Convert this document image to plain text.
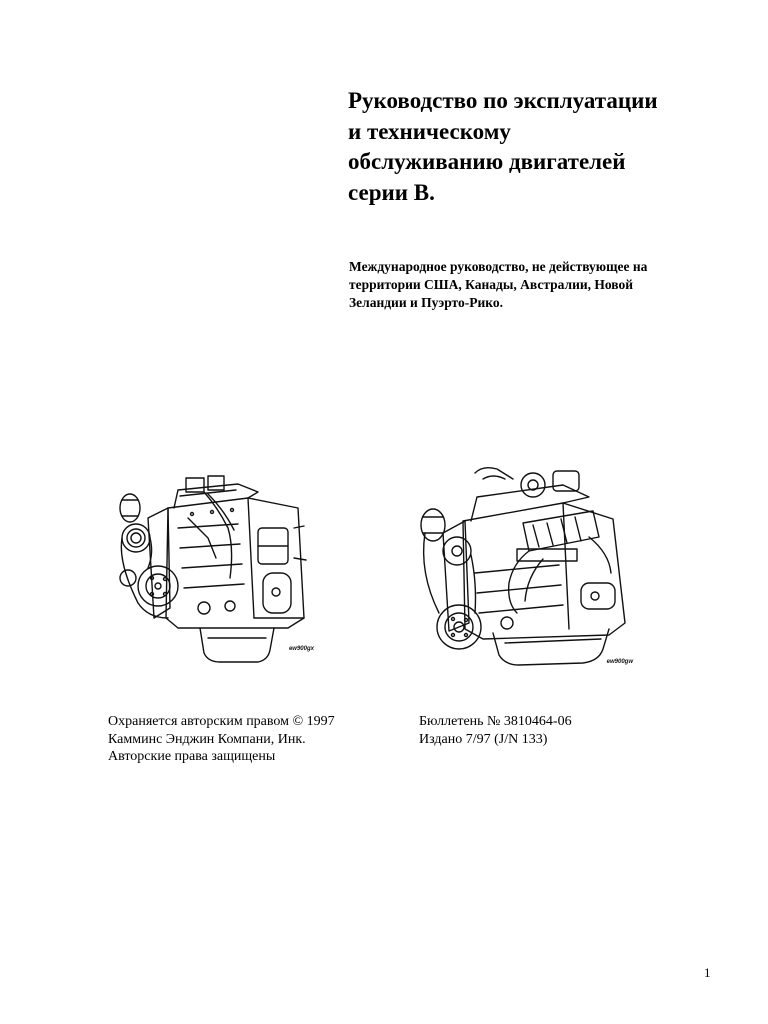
Руководство по эксплуатации
и техническому
обслуживанию двигателей
серии В.
Международное руководство, не действующее на
территории США, Канады, Австралии, Новой
Зеландии и Пуэрто-Рико.
ew900gx
ew900gw
Охраняется авторским правом © 1997
Камминс Энджин Компани, Инк.
Авторские права защищены
Бюллетень № 3810464-06
Издано 7/97 (J/N 133)
1
